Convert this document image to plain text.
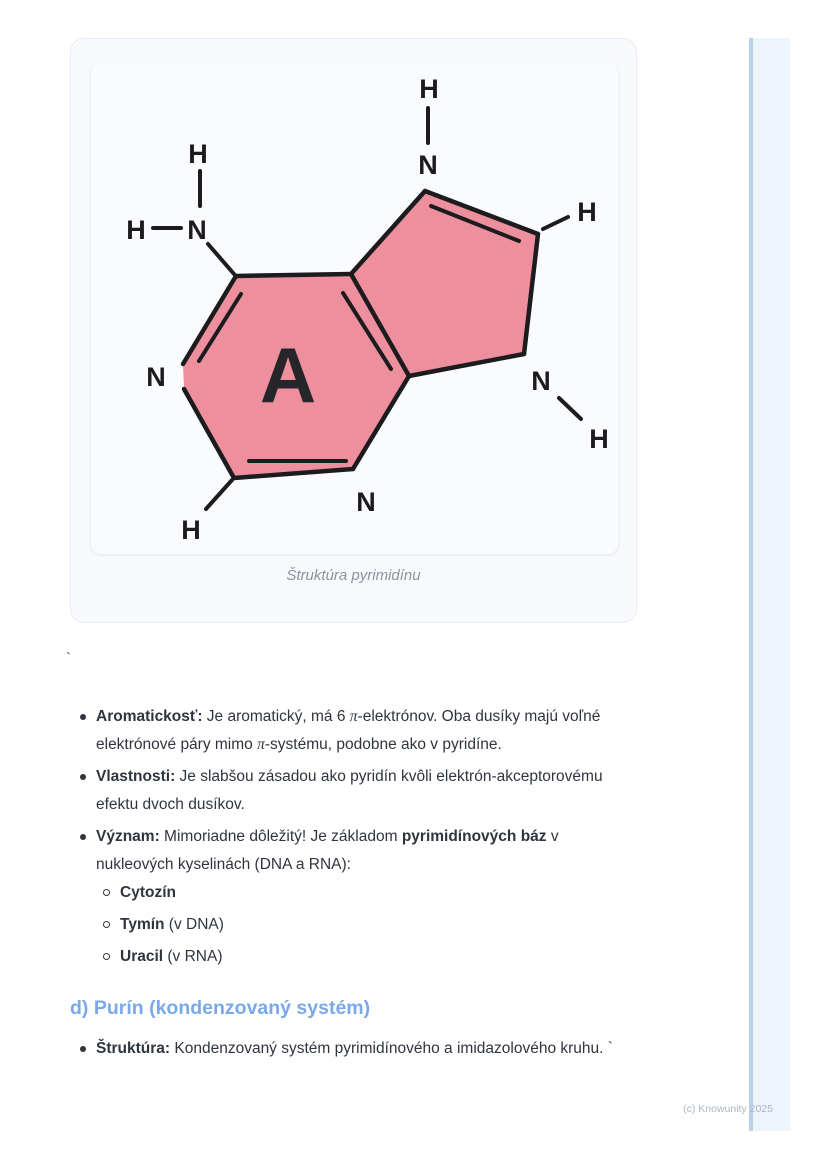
H N
H
H
N
H
N
H
N
N
H
A
Štruktúra pyrimidínu
`
Aromatickosť: Je aromatický, má 6 π-elektrónov. Oba dusíky majú voľné elektrónové páry mimo π-systému, podobne ako v pyridíne.
Vlastnosti: Je slabšou zásadou ako pyridín kvôli elektrón-akceptorovému efektu dvoch dusíkov.
Význam: Mimoriadne dôležitý! Je základom pyrimidínových báz v nukleových kyselinách (DNA a RNA):
Cytozín
Tymín (v DNA)
Uracil (v RNA)
d) Purín (kondenzovaný systém)
Štruktúra: Kondenzovaný systém pyrimidínového a imidazolového kruhu. `
(c) Knowunity 2025
